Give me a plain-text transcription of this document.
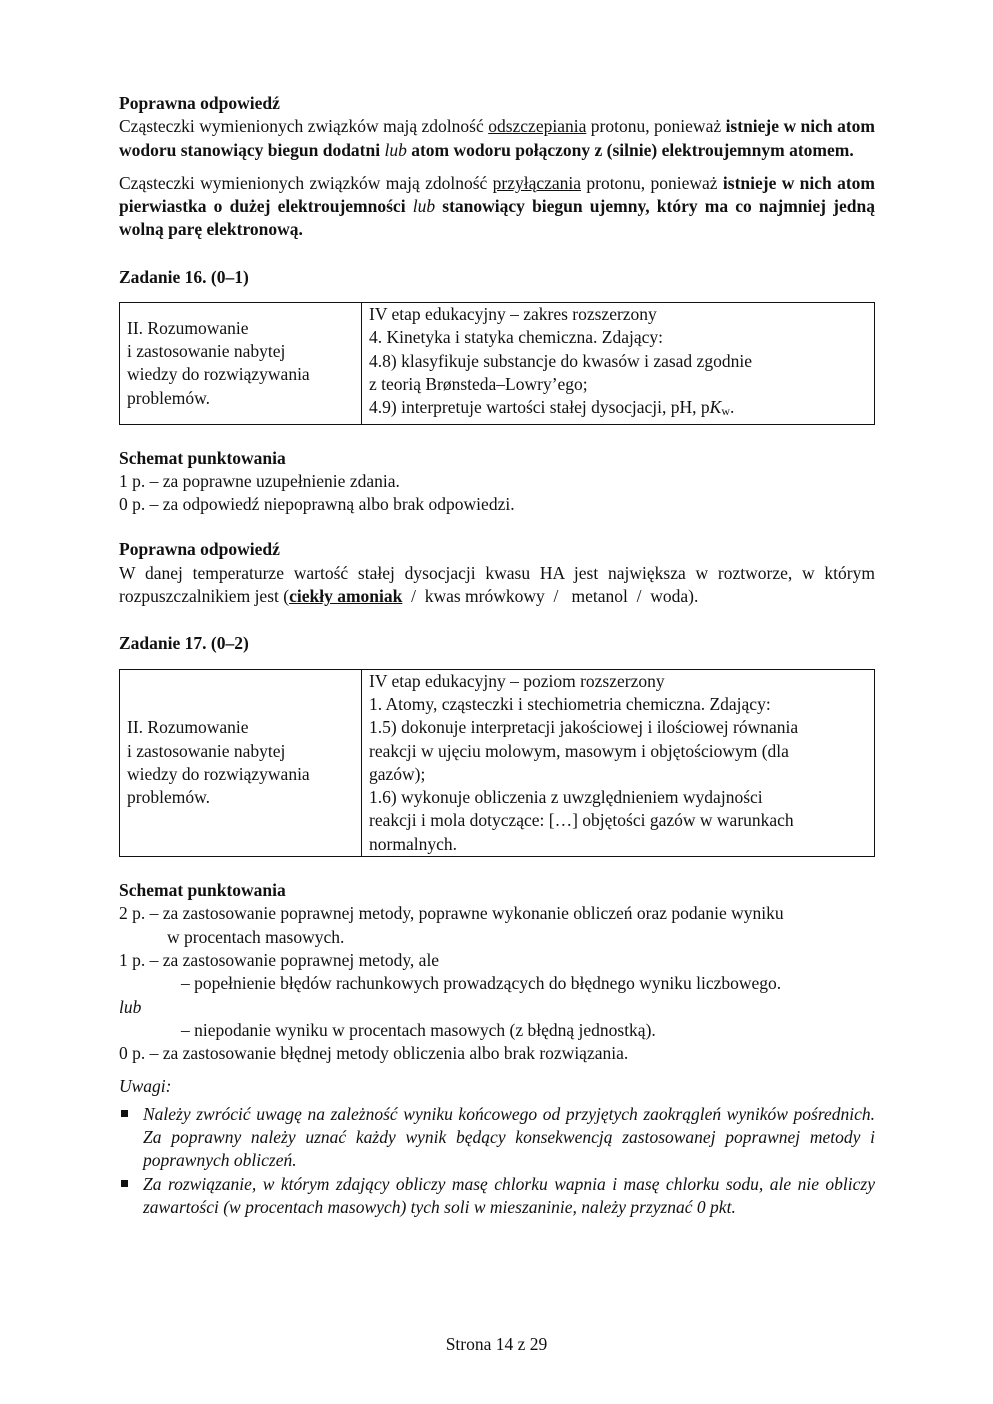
Poprawna odpowiedź

Cząsteczki wymienionych związków mają zdolność odszczepiania protonu, ponieważ istnieje w nich atom wodoru stanowiący biegun dodatni lub atom wodoru połączony z (silnie) elektroujemnym atomem.

Cząsteczki wymienionych związków mają zdolność przyłączania protonu, ponieważ istnieje w nich atom pierwiastka o dużej elektroujemności lub stanowiący biegun ujemny, który ma co najmniej jedną wolną parę elektronową.

Zadanie 16. (0–1)

II. Rozumowanie
i zastosowanie nabytej
wiedzy do rozwiązywania
problemów.

IV etap edukacyjny – zakres rozszerzony
4. Kinetyka i statyka chemiczna. Zdający:
4.8) klasyfikuje substancje do kwasów i zasad zgodnie
z teorią Brønsteda–Lowry’ego;
4.9) interpretuje wartości stałej dysocjacji, pH, $pK_w$.

Schemat punktowania

1 p. – za poprawne uzupełnienie zdania.

0 p. – za odpowiedź niepoprawną albo brak odpowiedzi.

Poprawna odpowiedź

W danej temperaturze wartość stałej dysocjacji kwasu HA jest największa w roztworze, w którym rozpuszczalnikiem jest (ciekły amoniak  /  kwas mrówkowy  /   metanol  /  woda).

Zadanie 17. (0–2)

II. Rozumowanie
i zastosowanie nabytej
wiedzy do rozwiązywania
problemów.

IV etap edukacyjny – poziom rozszerzony
1. Atomy, cząsteczki i stechiometria chemiczna. Zdający:
1.5) dokonuje interpretacji jakościowej i ilościowej równania
reakcji w ujęciu molowym, masowym i objętościowym (dla
gazów);
1.6) wykonuje obliczenia z uwzględnieniem wydajności
reakcji i mola dotyczące: […] objętości gazów w warunkach
normalnych.

Schemat punktowania

2 p. – za zastosowanie poprawnej metody, poprawne wykonanie obliczeń oraz podanie wyniku

w procentach masowych.

1 p. – za zastosowanie poprawnej metody, ale

– popełnienie błędów rachunkowych prowadzących do błędnego wyniku liczbowego.

lub

– niepodanie wyniku w procentach masowych (z błędną jednostką).

0 p. – za zastosowanie błędnej metody obliczenia albo brak rozwiązania.

Uwagi:

Należy zwrócić uwagę na zależność wyniku końcowego od przyjętych zaokrągleń wyników pośrednich. Za poprawny należy uznać każdy wynik będący konsekwencją zastosowanej poprawnej metody i poprawnych obliczeń.
Za rozwiązanie, w którym zdający obliczy masę chlorku wapnia i masę chlorku sodu, ale nie obliczy zawartości (w procentach masowych) tych soli w mieszaninie, należy przyznać 0 pkt.
Strona 14 z 29
